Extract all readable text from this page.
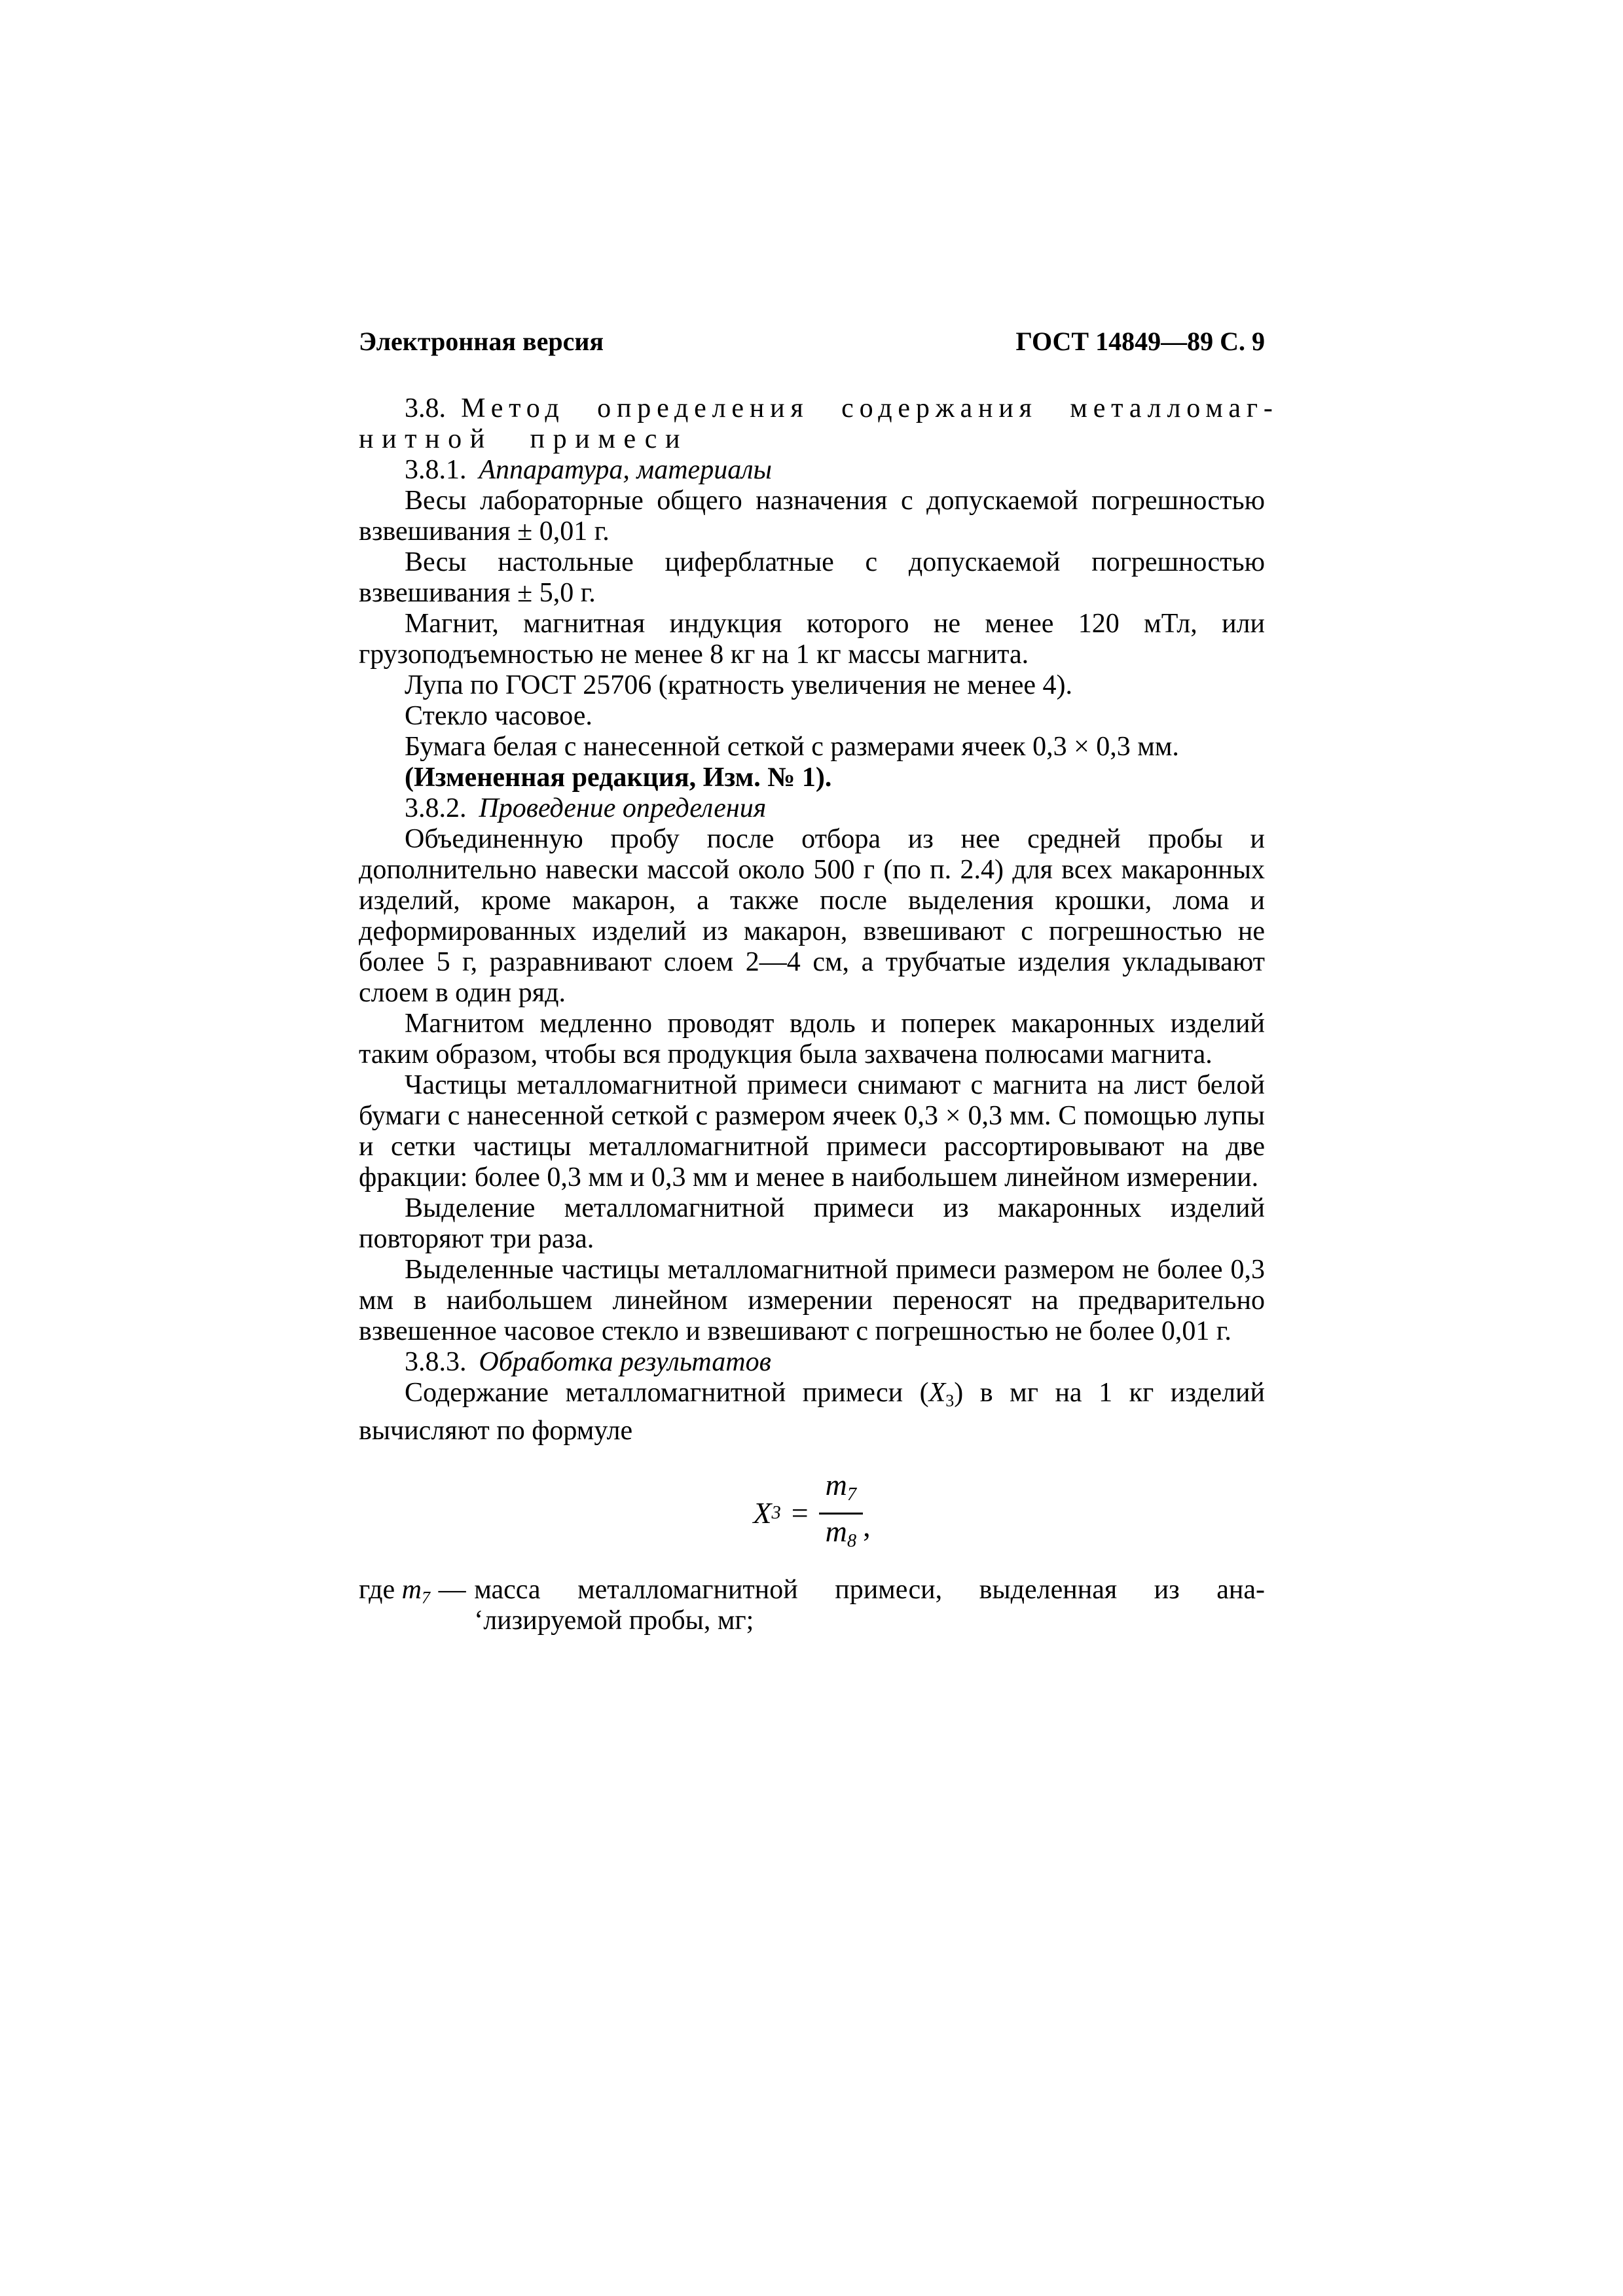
Электронная версия	ГОСТ 14849—89 С. 9
3.8. Метод определения содержания металломаг-
нитной примеси
3.8.1. Аппаратура, материалы
Весы лабораторные общего назначения с допускаемой погрешностью взвешивания ± 0,01 г.
Весы настольные циферблатные с допускаемой погрешностью взвешивания ± 5,0 г.
Магнит, магнитная индукция которого не менее 120 мТл, или грузоподъемностью не менее 8 кг на 1 кг массы магнита.
Лупа по ГОСТ 25706 (кратность увеличения не менее 4).
Стекло часовое.
Бумага белая с нанесенной сеткой с размерами ячеек 0,3 × 0,3 мм.
(Измененная редакция, Изм. № 1).
3.8.2. Проведение определения
Объединенную пробу после отбора из нее средней пробы и дополнительно навески массой около 500 г (по п. 2.4) для всех макаронных изделий, кроме макарон, а также после выделения крошки, лома и деформированных изделий из макарон, взвешивают с погрешностью не более 5 г, разравнивают слоем 2—4 см, а трубчатые изделия укладывают слоем в один ряд.
Магнитом медленно проводят вдоль и поперек макаронных изделий таким образом, чтобы вся продукция была захвачена полюсами магнита.
Частицы металломагнитной примеси снимают с магнита на лист белой бумаги с нанесенной сеткой с размером ячеек 0,3 × 0,3 мм. С помощью лупы и сетки частицы металломагнитной примеси рассортировывают на две фракции: более 0,3 мм и 0,3 мм и менее в наибольшем линейном измерении.
Выделение металломагнитной примеси из макаронных изделий повторяют три раза.
Выделенные частицы металломагнитной примеси размером не более 0,3 мм в наибольшем линейном измерении переносят на предварительно взвешенное часовое стекло и взвешивают с погрешностью не более 0,01 г.
3.8.3. Обработка результатов
Содержание металломагнитной примеси $(X_3)$ в мг на 1 кг изделий вычисляют по формуле
X $3 = \frac{m_7}{m_8}$ ,
где $m_7$ — масса металломагнитной примеси, выделенная из ана-
‘лизируемой пробы, мг;
